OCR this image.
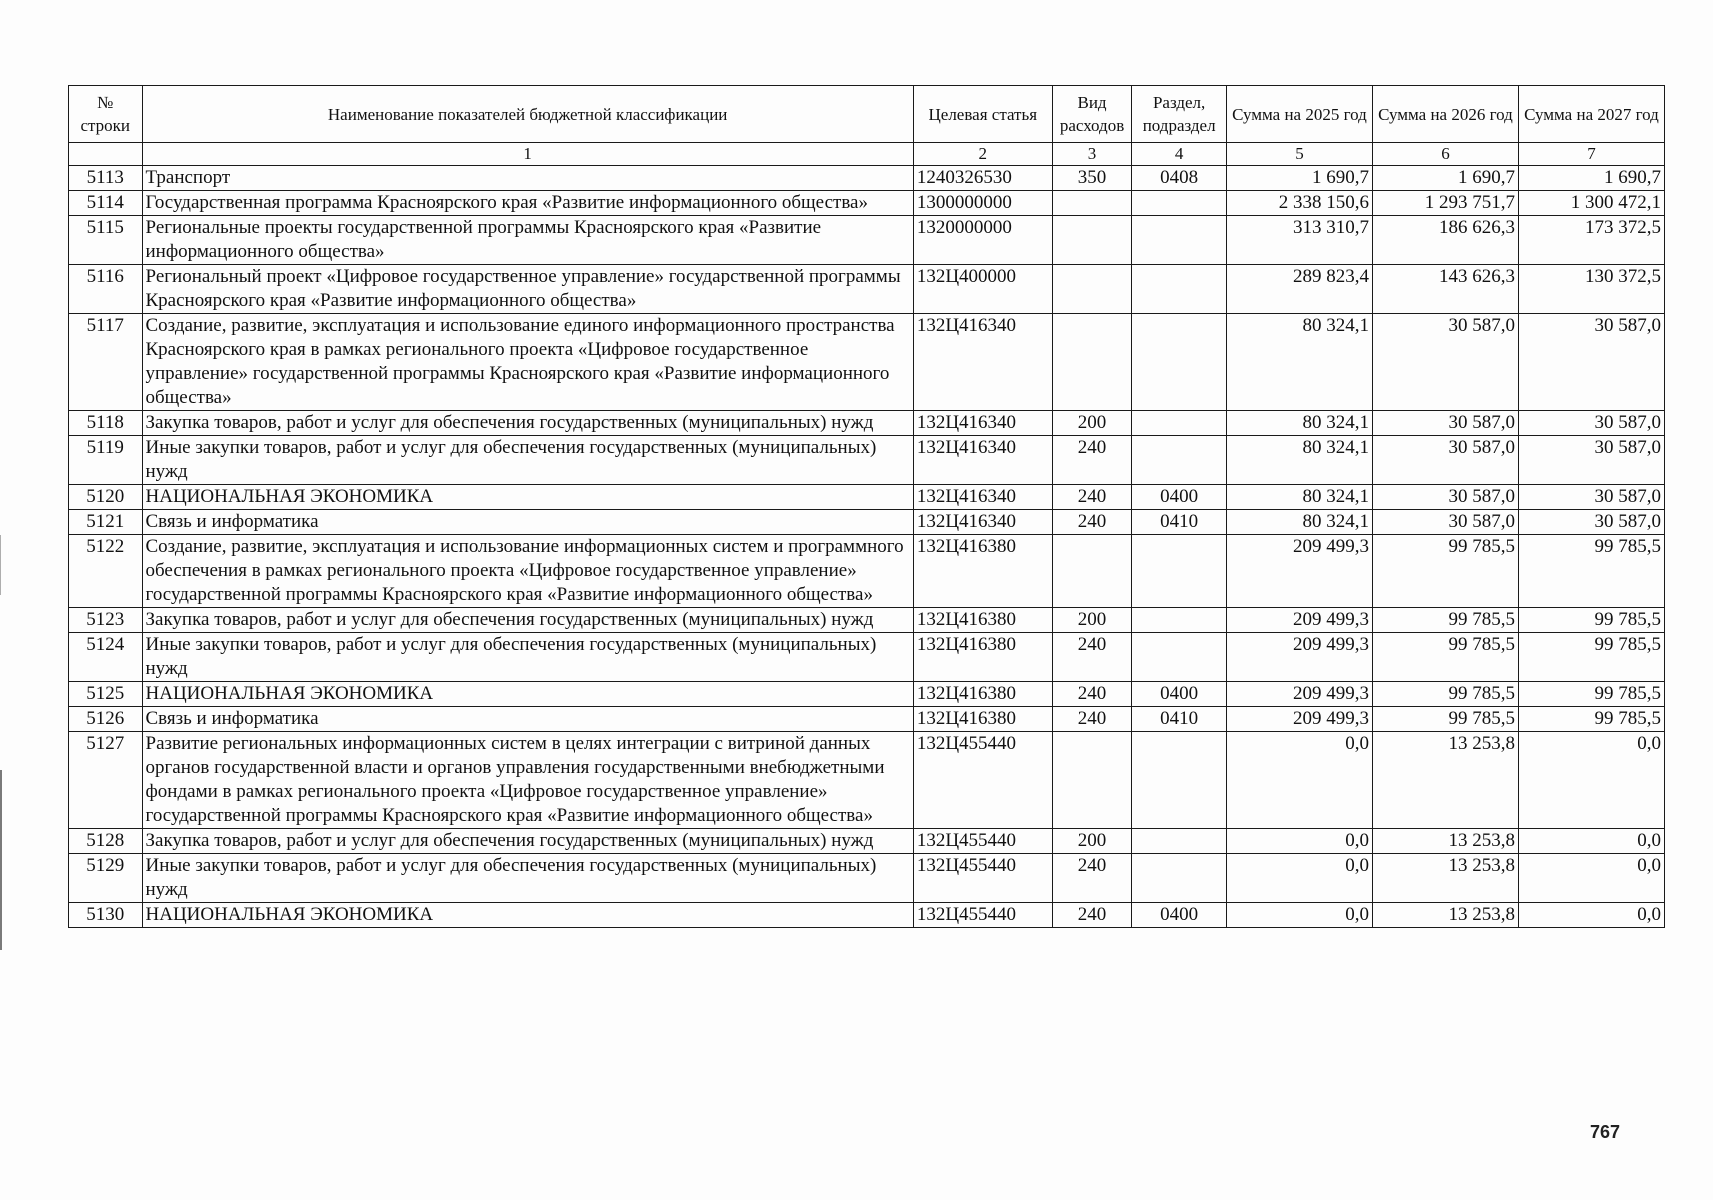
№ строки	Наименование показателей бюджетной классификации	Целевая статья	Вид расходов	Раздел, подраздел	Сумма на 2025 год	Сумма на 2026 год	Сумма на 2027 год
	1	2	3	4	5	6	7
5113	Транспорт	1240326530	350	0408	1 690,7	1 690,7	1 690,7
5114	Государственная программа Красноярского края «Развитие информационного общества»	1300000000			2 338 150,6	1 293 751,7	1 300 472,1
5115	Региональные проекты государственной программы Красноярского края «Развитие информационного общества»	1320000000			313 310,7	186 626,3	173 372,5
5116	Региональный проект «Цифровое государственное управление» государственной программы Красноярского края «Развитие информационного общества»	132Ц400000			289 823,4	143 626,3	130 372,5
5117	Создание, развитие, эксплуатация и использование единого информационного пространства Красноярского края в рамках регионального проекта «Цифровое государственное управление» государственной программы Красноярского края «Развитие информационного общества»	132Ц416340			80 324,1	30 587,0	30 587,0
5118	Закупка товаров, работ и услуг для обеспечения государственных (муниципальных) нужд	132Ц416340	200		80 324,1	30 587,0	30 587,0
5119	Иные закупки товаров, работ и услуг для обеспечения государственных (муниципальных) нужд	132Ц416340	240		80 324,1	30 587,0	30 587,0
5120	НАЦИОНАЛЬНАЯ ЭКОНОМИКА	132Ц416340	240	0400	80 324,1	30 587,0	30 587,0
5121	Связь и информатика	132Ц416340	240	0410	80 324,1	30 587,0	30 587,0
5122	Создание, развитие, эксплуатация и использование информационных систем и программного обеспечения в рамках регионального проекта «Цифровое государственное управление» государственной программы Красноярского края «Развитие информационного общества»	132Ц416380			209 499,3	99 785,5	99 785,5
5123	Закупка товаров, работ и услуг для обеспечения государственных (муниципальных) нужд	132Ц416380	200		209 499,3	99 785,5	99 785,5
5124	Иные закупки товаров, работ и услуг для обеспечения государственных (муниципальных) нужд	132Ц416380	240		209 499,3	99 785,5	99 785,5
5125	НАЦИОНАЛЬНАЯ ЭКОНОМИКА	132Ц416380	240	0400	209 499,3	99 785,5	99 785,5
5126	Связь и информатика	132Ц416380	240	0410	209 499,3	99 785,5	99 785,5
5127	Развитие региональных информационных систем в целях интеграции с витриной данных органов государственной власти и органов управления государственными внебюджетными фондами в рамках регионального проекта «Цифровое государственное управление» государственной программы Красноярского края «Развитие информационного общества»	132Ц455440			0,0	13 253,8	0,0
5128	Закупка товаров, работ и услуг для обеспечения государственных (муниципальных) нужд	132Ц455440	200		0,0	13 253,8	0,0
5129	Иные закупки товаров, работ и услуг для обеспечения государственных (муниципальных) нужд	132Ц455440	240		0,0	13 253,8	0,0
5130	НАЦИОНАЛЬНАЯ ЭКОНОМИКА	132Ц455440	240	0400	0,0	13 253,8	0,0
767
